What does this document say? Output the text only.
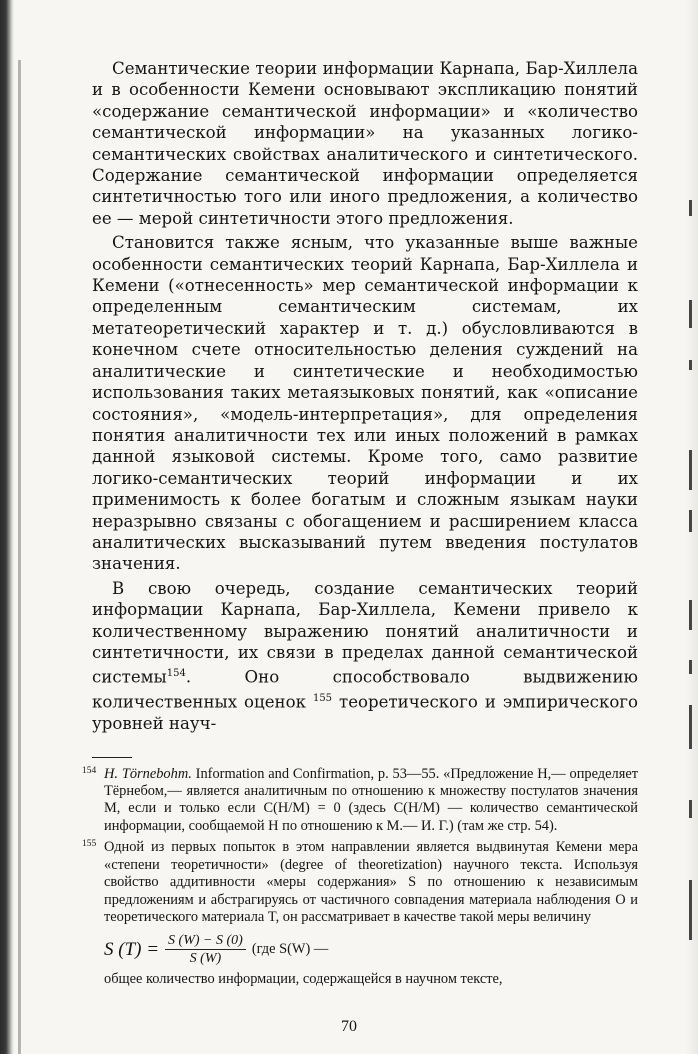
Семантические теории информации Карнапа, Бар-Хиллела и в особенности Кемени основывают экспликацию понятий «содержание семантической информации» и «количество семантической информации» на указанных логико-семантических свойствах аналитического и синтетического. Содержание семантической информации определяется синтетичностью того или иного предложения, а количество ее — мерой синтетичности этого предложения.

Становится также ясным, что указанные выше важные особенности семантических теорий Карнапа, Бар-Хиллела и Кемени («отнесенность» мер семантической информации к определенным семантическим системам, их метатеоретический характер и т. д.) обусловливаются в конечном счете относительностью деления суждений на аналитические и синтетические и необходимостью использования таких метаязыковых понятий, как «описание состояния», «модель-интерпретация», для определения понятия аналитичности тех или иных положений в рамках данной языковой системы. Кроме того, само развитие логико-семантических теорий информации и их применимость к более богатым и сложным языкам науки неразрывно связаны с обогащением и расширением класса аналитических высказываний путем введения постулатов значения.

В свою очередь, создание семантических теорий информации Карнапа, Бар-Хиллела, Кемени привело к количественному выражению понятий аналитичности и синтетичности, их связи в пределах данной семантической системы$^{154}$. Оно способствовало выдвижению количественных оценок $^{155}$ теоретического и эмпирического уровней науч-

154 H. Törnebohm. Information and Confirmation, p. 53—55. «Предложение H,— определяет Тёрнебом,— является аналитичным по отношению к множеству постулатов значения M, если и только если C(H/M) = 0 (здесь C(H/M) — количество семантической информации, сообщаемой H по отношению к M.— И. Г.) (там же стр. 54).

155 Одной из первых попыток в этом направлении является выдвинутая Кемени мера «степени теоретичности» (degree of theoretization) научного текста. Используя свойство аддитивности «меры содержания» S по отношению к независимым предложениям и абстрагируясь от частичного совпадения материала наблюдения O и теоретического материала T, он рассматривает в качестве такой меры величину

S $(T) = \frac{S (W) - S (0)}{S (W)} (где$ S(W) —

общее количество информации, содержащейся в научном тексте,

70
